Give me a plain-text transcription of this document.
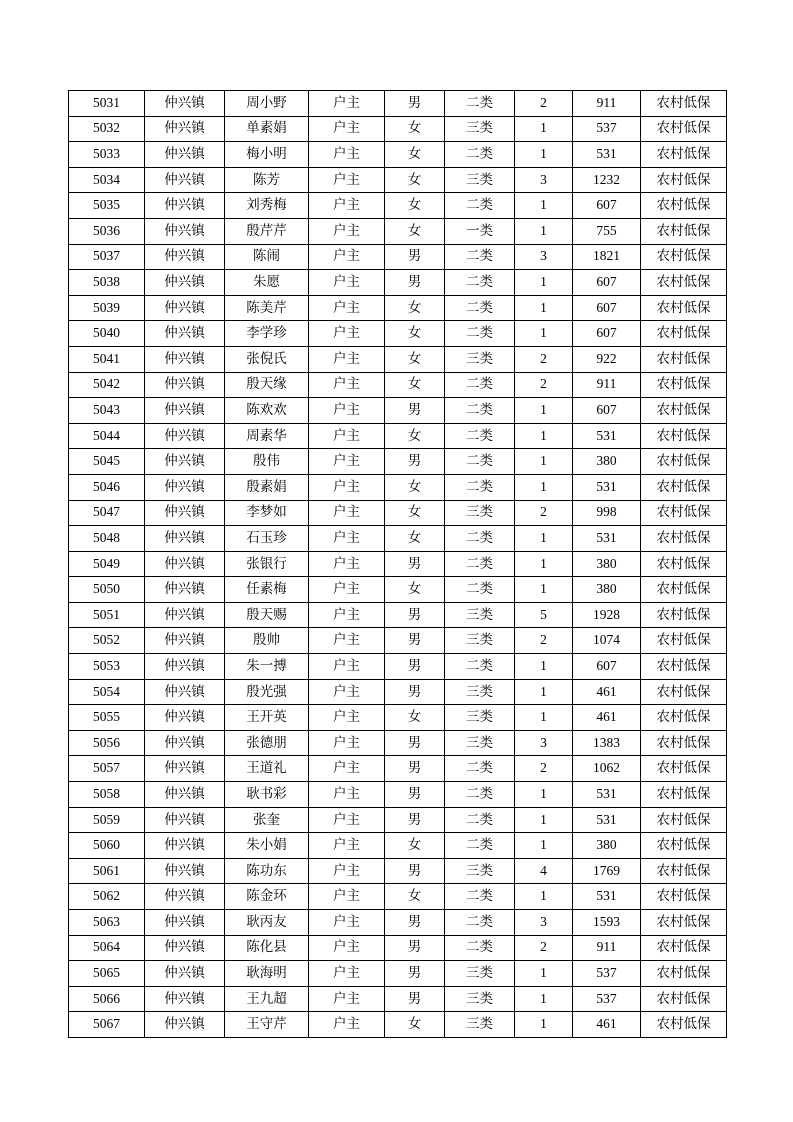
5031	仲兴镇	周小野	户主	男	二类	2	911	农村低保
5032	仲兴镇	单素娟	户主	女	三类	1	537	农村低保
5033	仲兴镇	梅小明	户主	女	二类	1	531	农村低保
5034	仲兴镇	陈芳	户主	女	三类	3	1232	农村低保
5035	仲兴镇	刘秀梅	户主	女	二类	1	607	农村低保
5036	仲兴镇	殷芹芹	户主	女	一类	1	755	农村低保
5037	仲兴镇	陈闹	户主	男	二类	3	1821	农村低保
5038	仲兴镇	朱愿	户主	男	二类	1	607	农村低保
5039	仲兴镇	陈美芹	户主	女	二类	1	607	农村低保
5040	仲兴镇	李学珍	户主	女	二类	1	607	农村低保
5041	仲兴镇	张倪氏	户主	女	三类	2	922	农村低保
5042	仲兴镇	殷天缘	户主	女	二类	2	911	农村低保
5043	仲兴镇	陈欢欢	户主	男	二类	1	607	农村低保
5044	仲兴镇	周素华	户主	女	二类	1	531	农村低保
5045	仲兴镇	殷伟	户主	男	二类	1	380	农村低保
5046	仲兴镇	殷素娟	户主	女	二类	1	531	农村低保
5047	仲兴镇	李梦如	户主	女	三类	2	998	农村低保
5048	仲兴镇	石玉珍	户主	女	二类	1	531	农村低保
5049	仲兴镇	张银行	户主	男	二类	1	380	农村低保
5050	仲兴镇	任素梅	户主	女	二类	1	380	农村低保
5051	仲兴镇	殷天赐	户主	男	三类	5	1928	农村低保
5052	仲兴镇	殷帅	户主	男	三类	2	1074	农村低保
5053	仲兴镇	朱一搏	户主	男	二类	1	607	农村低保
5054	仲兴镇	殷光强	户主	男	三类	1	461	农村低保
5055	仲兴镇	王开英	户主	女	三类	1	461	农村低保
5056	仲兴镇	张德朋	户主	男	三类	3	1383	农村低保
5057	仲兴镇	王道礼	户主	男	二类	2	1062	农村低保
5058	仲兴镇	耿书彩	户主	男	二类	1	531	农村低保
5059	仲兴镇	张奎	户主	男	二类	1	531	农村低保
5060	仲兴镇	朱小娟	户主	女	二类	1	380	农村低保
5061	仲兴镇	陈功东	户主	男	三类	4	1769	农村低保
5062	仲兴镇	陈金环	户主	女	二类	1	531	农村低保
5063	仲兴镇	耿丙友	户主	男	二类	3	1593	农村低保
5064	仲兴镇	陈化县	户主	男	二类	2	911	农村低保
5065	仲兴镇	耿海明	户主	男	三类	1	537	农村低保
5066	仲兴镇	王九超	户主	男	三类	1	537	农村低保
5067	仲兴镇	王守芹	户主	女	三类	1	461	农村低保
